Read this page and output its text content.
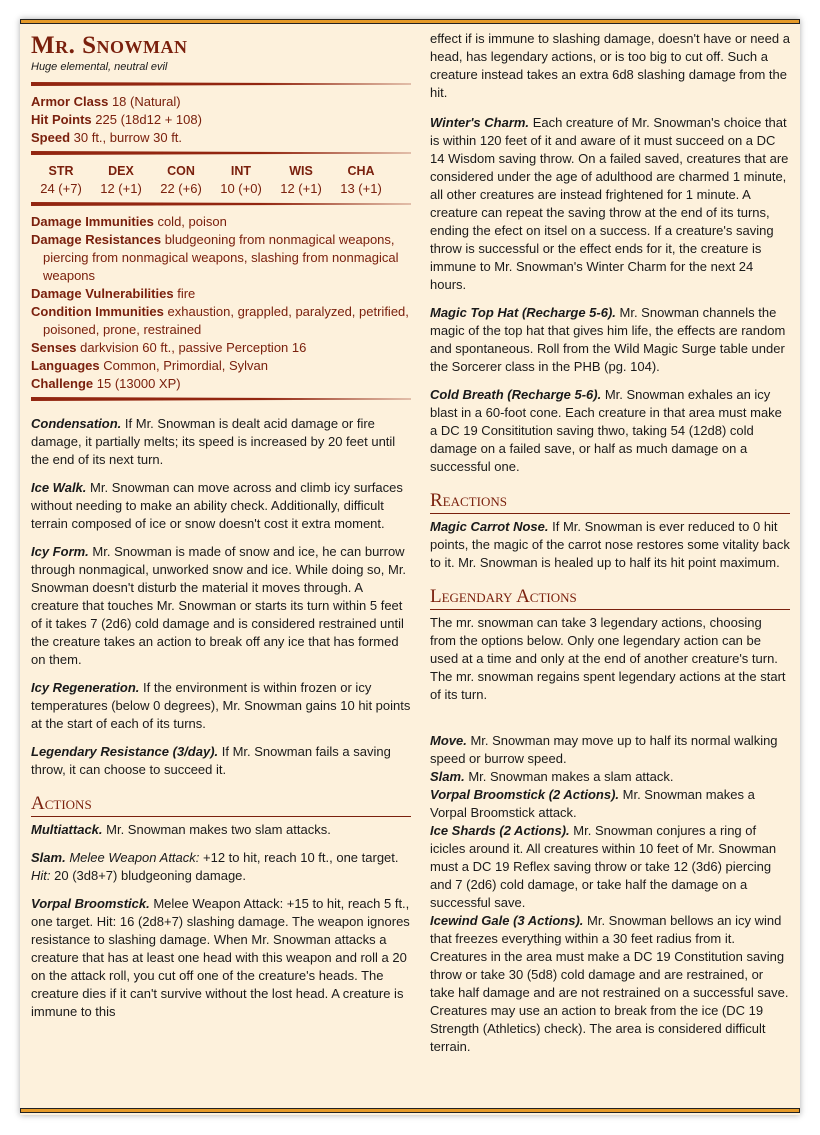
Mr. Snowman
Huge elemental, neutral evil
Armor Class 18 (Natural)
Hit Points 225 (18d12 + 108)
Speed 30 ft., burrow 30 ft.
STR
24 (+7)
DEX
12 (+1)
CON
22 (+6)
INT
10 (+0)
WIS
12 (+1)
CHA
13 (+1)
Damage Immunities cold, poison
Damage Resistances bludgeoning from nonmagical weapons, piercing from nonmagical weapons, slashing from nonmagical weapons
Damage Vulnerabilities fire
Condition Immunities exhaustion, grappled, paralyzed, petrified, poisoned, prone, restrained
Senses darkvision 60 ft., passive Perception 16
Languages Common, Primordial, Sylvan
Challenge 15 (13000 XP)

Condensation. If Mr. Snowman is dealt acid damage or fire damage, it partially melts; its speed is increased by 20 feet until the end of its next turn.

Ice Walk. Mr. Snowman can move across and climb icy surfaces without needing to make an ability check. Additionally, difficult terrain composed of ice or snow doesn't cost it extra moment.

Icy Form. Mr. Snowman is made of snow and ice, he can burrow through nonmagical, unworked snow and ice. While doing so, Mr. Snowman doesn't disturb the material it moves through. A creature that touches Mr. Snowman or starts its turn within 5 feet of it takes 7 (2d6) cold damage and is considered restrained until the creature takes an action to break off any ice that has formed on them.

Icy Regeneration. If the environment is within frozen or icy temperatures (below 0 degrees), Mr. Snowman gains 10 hit points at the start of each of its turns.

Legendary Resistance (3/day). If Mr. Snowman fails a saving throw, it can choose to succeed it.

Actions

Multiattack. Mr. Snowman makes two slam attacks.

Slam. Melee Weapon Attack: +12 to hit, reach 10 ft., one target. Hit: 20 (3d8+7) bludgeoning damage.

Vorpal Broomstick. Melee Weapon Attack: +15 to hit, reach 5 ft., one target. Hit: 16 (2d8+7) slashing damage. The weapon ignores resistance to slashing damage. When Mr. Snowman attacks a creature that has at least one head with this weapon and roll a 20 on the attack roll, you cut off one of the creature's heads. The creature dies if it can't survive without the lost head. A creature is immune to this

effect if is immune to slashing damage, doesn't have or need a head, has legendary actions, or is too big to cut off. Such a creature instead takes an extra 6d8 slashing damage from the hit.

Winter's Charm. Each creature of Mr. Snowman's choice that is within 120 feet of it and aware of it must succeed on a DC 14 Wisdom saving throw. On a failed saved, creatures that are considered under the age of adulthood are charmed 1 minute, all other creatures are instead frightened for 1 minute. A creature can repeat the saving throw at the end of its turns, ending the efect on itsel on a success. If a creature's saving throw is successful or the effect ends for it, the creature is immune to Mr. Snowman's Winter Charm for the next 24 hours.

Magic Top Hat (Recharge 5-6). Mr. Snowman channels the magic of the top hat that gives him life, the effects are random and spontaneous. Roll from the Wild Magic Surge table under the Sorcerer class in the PHB (pg. 104).

Cold Breath (Recharge 5-6). Mr. Snowman exhales an icy blast in a 60-foot cone. Each creature in that area must make a DC 19 Consititution saving thwo, taking 54 (12d8) cold damage on a failed save, or half as much damage on a successful one.

Reactions

Magic Carrot Nose. If Mr. Snowman is ever reduced to 0 hit points, the magic of the carrot nose restores some vitality back to it. Mr. Snowman is healed up to half its hit point maximum.

Legendary Actions

The mr. snowman can take 3 legendary actions, choosing from the options below. Only one legendary action can be used at a time and only at the end of another creature's turn. The mr. snowman regains spent legendary actions at the start of its turn.

Move. Mr. Snowman may move up to half its normal walking speed or burrow speed.

Slam. Mr. Snowman makes a slam attack.

Vorpal Broomstick (2 Actions). Mr. Snowman makes a Vorpal Broomstick attack.

Ice Shards (2 Actions). Mr. Snowman conjures a ring of icicles around it. All creatures within 10 feet of Mr. Snowman must a DC 19 Reflex saving throw or take 12 (3d6) piercing and 7 (2d6) cold damage, or take half the damage on a successful save.

Icewind Gale (3 Actions). Mr. Snowman bellows an icy wind that freezes everything within a 30 feet radius from it. Creatures in the area must make a DC 19 Constitution saving throw or take 30 (5d8) cold damage and are restrained, or take half damage and are not restrained on a successful save. Creatures may use an action to break from the ice (DC 19 Strength (Athletics) check). The area is considered difficult terrain.
